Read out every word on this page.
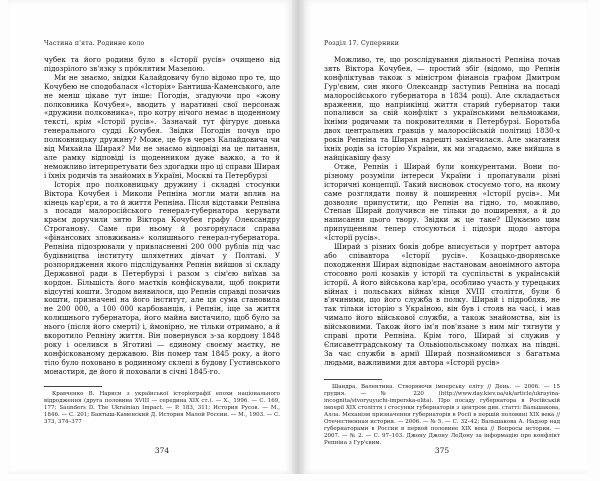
Частина п'ята. Родинне коло

чубек та його родини було в «Історії русів» очищено від підозрілого зв'язку з прóклятим Мазепою.

Ми не знаємо, звідки Калайдовичу було відомо про те, що Кочубею не сподобалася «Історія» Бантиша-Каменського, але не менш цікаве тут інше: Погодін, згадуючи про «жону полковника Кочубея», вводить у наративні свої персонаж «дружини полковника», про котру нічого немає в щоденному тексті, крім «Історії русів». Зазначай тут фігурує донька генерального судді Кочубея. Звідки Погодін почув про полковницьку дружину? Може, це був через Калайдовича чи від Михайла Ширая? Ми не знаємо відповіді на це питання, але рамку відповіді із щоденником дуже важко, а то й неможливо інтерпретувати без здогадки про ці справи Ширая і їхніх родичів та знайомих в Україні, Москві та Петербурзі

Історія про полковницьку дружину і складні стосунки Віктора Кочубея і Миколи Репніна могли мати вплив на кінець кар'єри, а то й життя Репніна. Після відставки Репніна з посади малоросійського генерал-губернатора керувати краєм доручили зятю Віктора Кочубея графу Олександру Строганову. Саме при ньому й розгорнулася справа «фінансових зловживань» колишнього генерал-губернатора. Репніна підозрювали у привласненні 200 000 рублів під час будівництва інституту шляхетних дівчат у Полтаві. У розпорядження якого підслідування Репнін вийшов зі складу Державної ради в Петербурзі і разом з сім'єю виїхав за кордон. Більшість його маєтків конфіскували, щоб покрити відсутні кошти. Згодом виявилося, що Репнін справді позичив кошти, призначені на його інститут, але ця сума становила не 200 000, а 100 000 карбованців, і Репнін, іще за життя колишнього губернатора, його майна вистачило, щоб було за нього (після його смерті) і, ймовірно, не тільки отримано, а й вкоротило Репніну життя. Він повернувся з-за кордону 1848 року і оселився в Яготині — єдиному своєму маєтку, не конфіскованому державою. Він помер там 1845 року, а його тіло було поховано в родинному склепі в будову Густинського монастиря, де його й поховали в січні 1845-го.

Кравченко В. Нариси з української історіографії епохи національного відродження (друга половина XVIII — середина XIX ст.). — Х., 1996. — С. 169, 177; Saunders D. The Ukrainian Impact. — P. 183, 311; История Русов. — М., 1846. — С. 201; Бантыш-Каменский Д. История Малой России. — М., 1903. — С. 373, 374–377

374
Розділ 17. Суперники

Можливо, те, що розслідування діяльності Репніна почав зять Віктора Кочубея, — простий збіг (відомо, що Репнін конфліктував також з міністром фінансів графом Дмитром Гур'євим, син якого Олександр заступив Репніна на посаді малоросійського губернатора в 1834 році). Але складається враження, що напріикінці життя старий губернатор таки попалився за свій конфлікт з українськими вельможами, їхніми родичами та покровителями в Петербурзі. Боротьба двох центральних гравців у малоросійській політиці 1830-х років Репніна та Ширая нарешті закінчилася. Але змагання їхніх родів за історію України, як ми згадаємо, вже вийшла в найцікавішу фазу

Отже, Репнін і Ширай були конкурентами. Вони по-різному розуміли інтереси України і пропагували різні історичні концепції. Такий висновок стосуємо того, на якому саме розглядати появу й поширення «Історії русів». Ми дозволяє припустити, що Репнін на гідно, то, можливо, Степан Ширай долучився не тільки до поширення, а й до написання цього твору. Звідки ж це таке? Шукаємо цим припущенням тепер стосуються і підозри щодо автора «Історії русів».

Ширай з різних боків добре вписується у портрет автора або співавтора «Історії русів». Козацько-дворянське походження Ширая відповідає настановам анонімного автора стосовно ролі козаків у історії та суспільстві в українській історії. А його військова кар'єра, особливо участь у турецьких війнах і польських війнах кінця XVIII століття, були б в'ячиними, що його служба в полку. Ширай і підробляв, не так тільки історію з Україною, він був і стояв на часі, і мав чимало його військової служби, а також знайомства, він із військовими. Також його ім'я пов'язане з ним міг тягнути у справі проти Репніна. Крім того, Ширай зі служив у Єлисаветградському та Ольвіопольському полках на півдні. За час служби в армії Ширай познайомився з багатьма людьми, важливими для автора «Історії русів»

Шандра, Валентина. Створюючи імперську еліту // День. — 2006. — 15 грудня. — № 220 (http://www.day.kiev.ua/uk/article/ukrayina-incognita/stvoryuyuchi-imperska-elita). Про посаду губернатора в Російській імперії XIX століття і стосунки губернаторів з центром див. статті: Вальшакова, Алла. Механізм призначення губернаторів в Росії в першій половині XIX века // Отечественная история. — 2006. — № 5. — С. 32–42; Вальшакова А. Надзор над губернаторами в России в первой половине XIX века // Вопросы истории. — 2007. — № 2. — С. 97–103. Джону Джону ЛеДону за інформацію про конфлікт Репніна з Гур'євим.

375
